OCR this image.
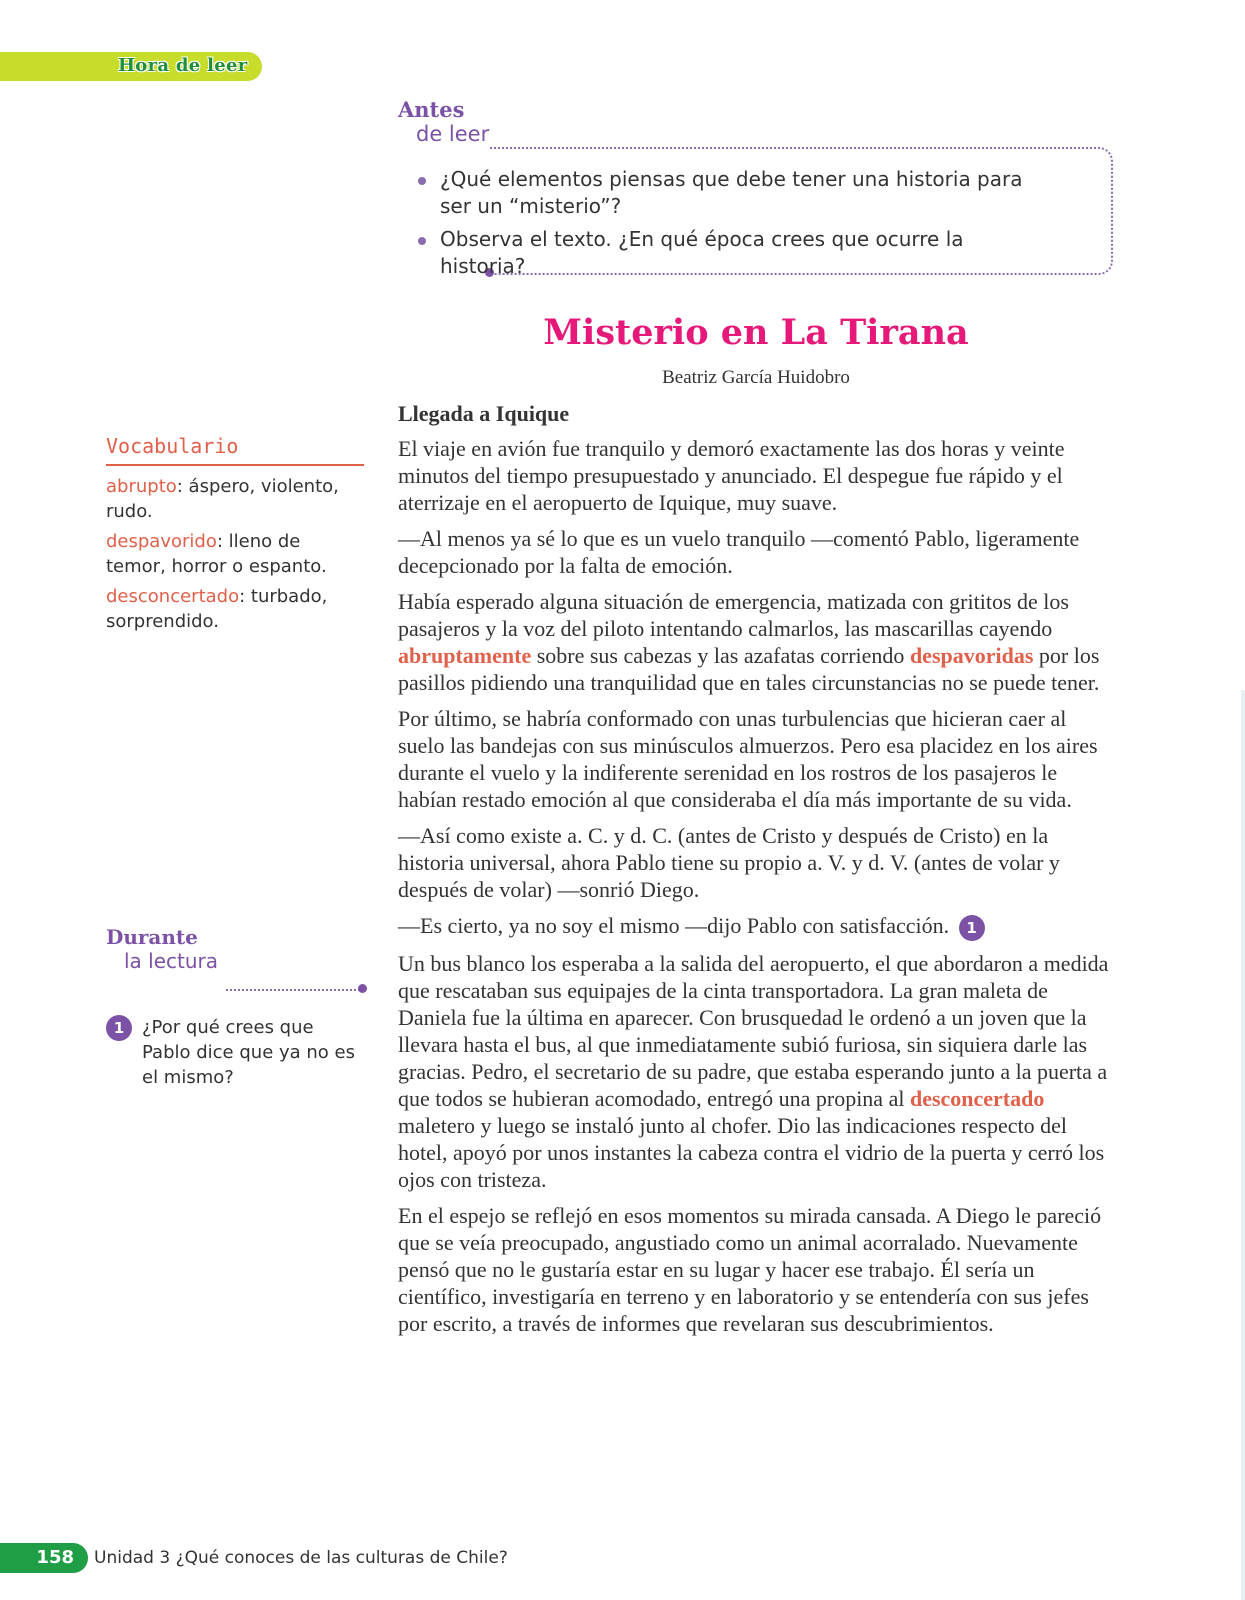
Hora de leer
Antes
de leer
¿Qué elementos piensas que debe tener una historia para ser un “misterio”?
Observa el texto. ¿En qué época crees que ocurre la historia?
Misterio en La Tirana
Beatriz García Huidobro
Llegada a Iquique

El viaje en avión fue tranquilo y demoró exactamente las dos horas y veinte minutos del tiempo presupuestado y anunciado. El despegue fue rápido y el aterrizaje en el aeropuerto de Iquique, muy suave.

—Al menos ya sé lo que es un vuelo tranquilo —comentó Pablo, ligeramente decepcionado por la falta de emoción.

Había esperado alguna situación de emergencia, matizada con grititos de los pasajeros y la voz del piloto intentando calmarlos, las mascarillas cayendo abruptamente sobre sus cabezas y las azafatas corriendo despavoridas por los pasillos pidiendo una tranquilidad que en tales circunstancias no se puede tener.

Por último, se habría conformado con unas turbulencias que hicieran caer al suelo las bandejas con sus minúsculos almuerzos. Pero esa placidez en los aires durante el vuelo y la indiferente serenidad en los rostros de los pasajeros le habían restado emoción al que consideraba el día más importante de su vida.

—Así como existe a. C. y d. C. (antes de Cristo y después de Cristo) en la historia universal, ahora Pablo tiene su propio a. V. y d. V. (antes de volar y después de volar) —sonrió Diego.

—Es cierto, ya no soy el mismo —dijo Pablo con satisfacción. 1

Un bus blanco los esperaba a la salida del aeropuerto, el que abordaron a medida que rescataban sus equipajes de la cinta transportadora. La gran maleta de Daniela fue la última en aparecer. Con brusquedad le ordenó a un joven que la llevara hasta el bus, al que inmediatamente subió furiosa, sin siquiera darle las gracias. Pedro, el secretario de su padre, que estaba esperando junto a la puerta a que todos se hubieran acomodado, entregó una propina al desconcertado maletero y luego se instaló junto al chofer. Dio las indicaciones respecto del hotel, apoyó por unos instantes la cabeza contra el vidrio de la puerta y cerró los ojos con tristeza.

En el espejo se reflejó en esos momentos su mirada cansada. A Diego le pareció que se veía preocupado, angustiado como un animal acorralado. Nuevamente pensó que no le gustaría estar en su lugar y hacer ese trabajo. Él sería un científico, investigaría en terreno y en laboratorio y se entendería con sus jefes por escrito, a través de informes que revelaran sus descubrimientos.

Vocabulario
abrupto: áspero, violento, rudo.
despavorido: lleno de temor, horror o espanto.
desconcertado: turbado, sorprendido.
Durante
la lectura
1 ¿Por qué crees que Pablo dice que ya no es el mismo?
158	Unidad 3 ¿Qué conoces de las culturas de Chile?
